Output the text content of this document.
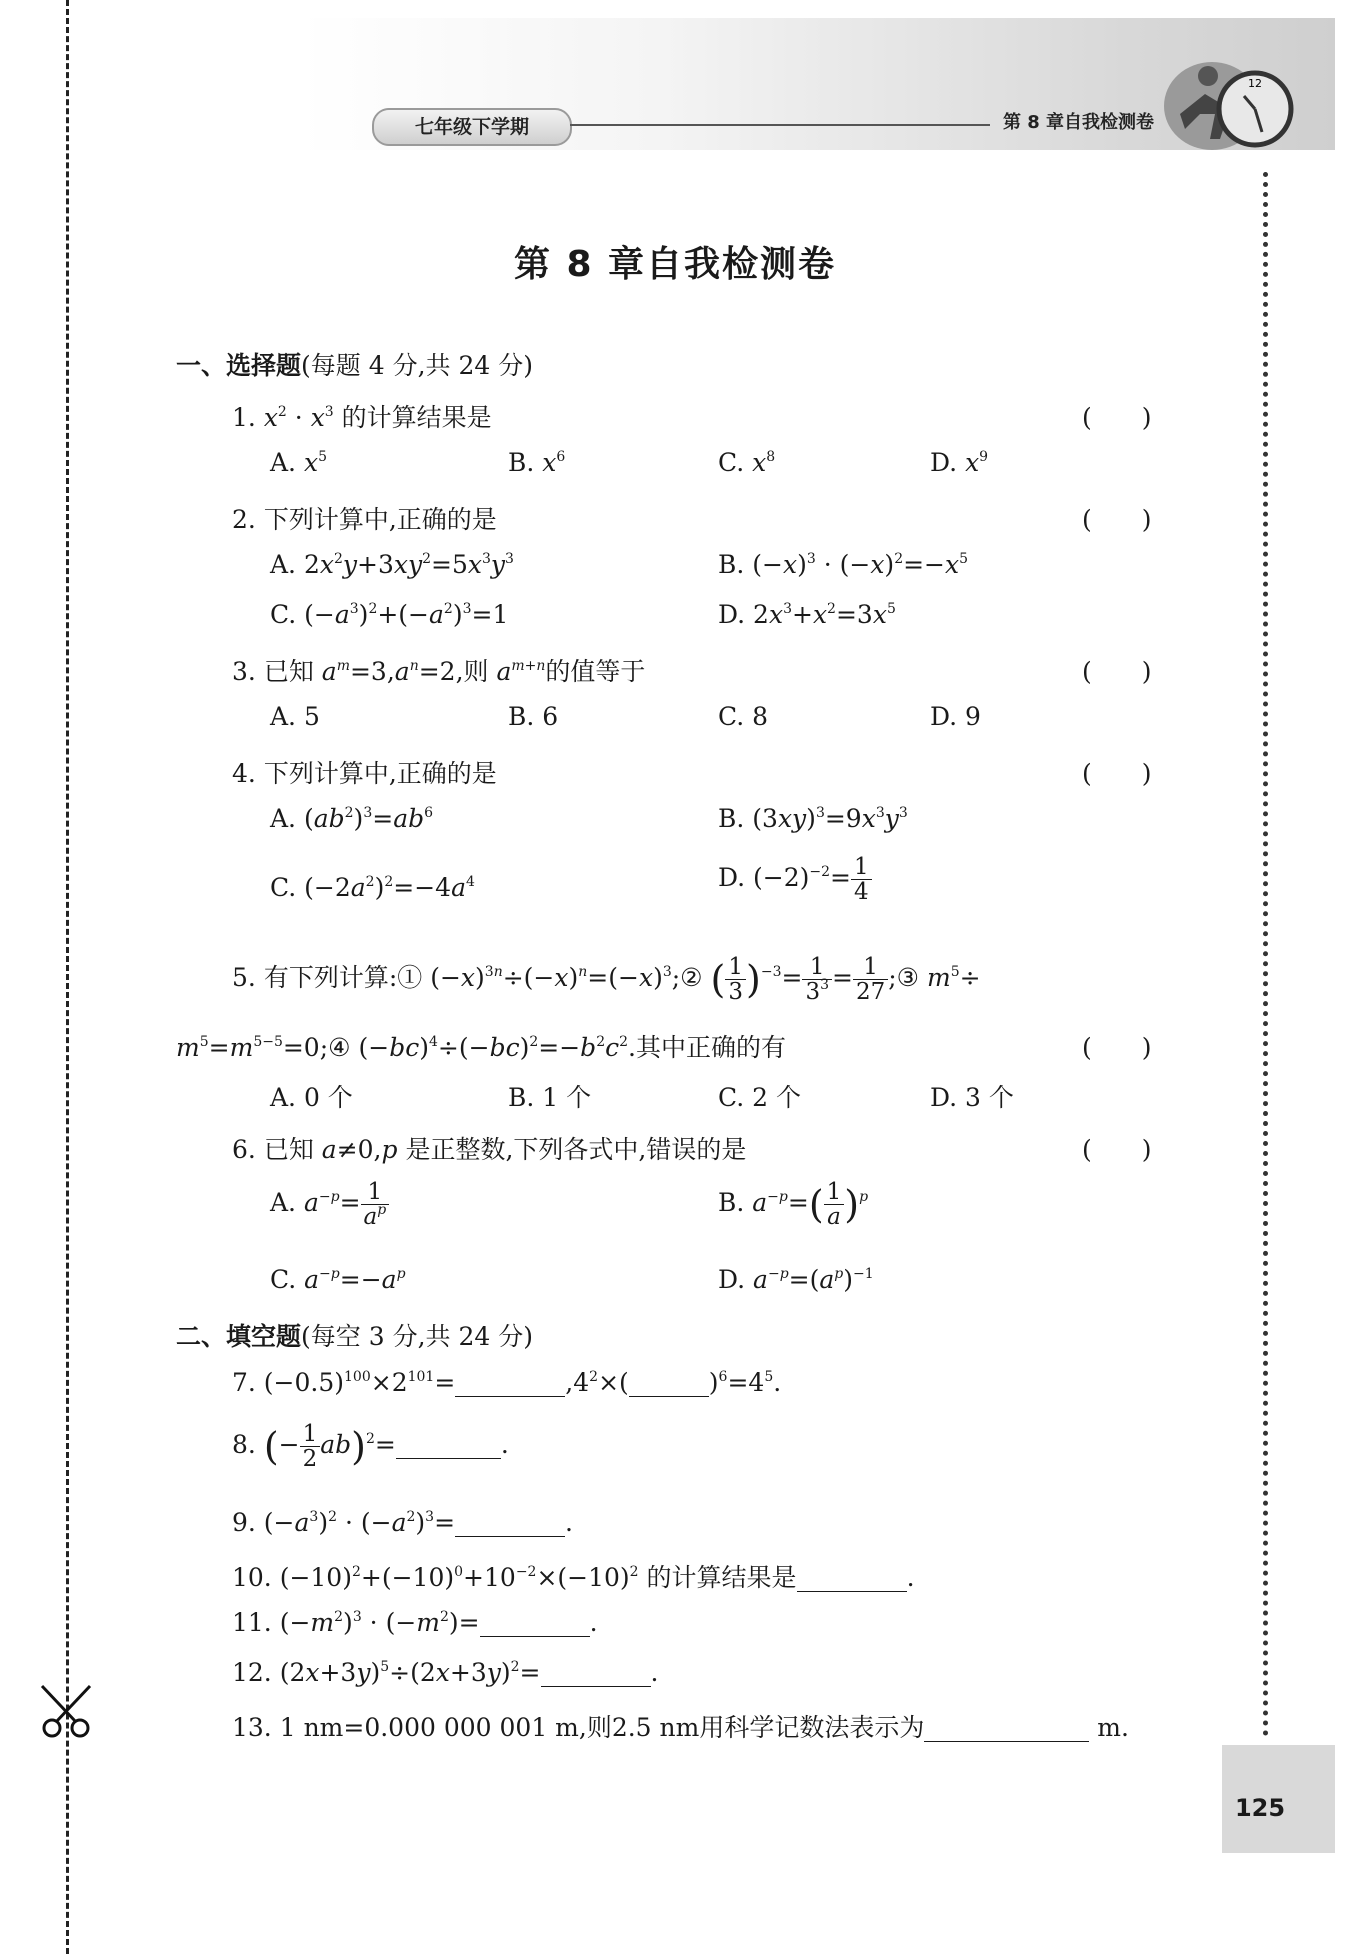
七年级下学期	第 8 章自我检测卷
12
125
第 8 章自我检测卷
一、选择题(每题 4 分,共 24 分)
1. $x^2 \cdot x^3$ 的计算结果是	(　　)
A. $x^5$	B. $x^6$	C. $x^8$	D. $x^9$
2. 下列计算中,正确的是	(　　)
A. $2x^2y+3xy^2=5x^3y^3$	B. $(-x)^3 \cdot (-x)^2=-x^5$
C. $(-a^3)^2+(-a^2)^3=1$	D. $2x^3+x^2=3x^5$
3. 已知 $a^m=3,a^n=2$,则 $a^{m+n}$的值等于	(　　)
A. 5	B. 6	C. 8	D. 9
4. 下列计算中,正确的是	(　　)
A. $(ab^2)^3=ab^6$	B. $(3xy)^3=9x^3y^3$
C. $(-2a^2)^2=-4a^4$	D. $(-2)^{-2}= \frac{1}{4}$
5. 有下列计算:① $(-x)^{3n}\div(-x)^n=(-x)^3;②$ ( $\frac{1}{3} )^{-3}= \frac{1}{3^3} = \frac{1}{27}$ ;③ $m^5\div$
$m^5=m^{5-5}=0;④$ $(-bc)^4\div(-bc)^2=-b^2c^2$.其中正确的有	(　　)
A. 0 个	B. 1 个	C. 2 个	D. 3 个
6. 已知 a≠0,p 是正整数,下列各式中,错误的是	(　　)
A. $a^{-p}= \frac{1}{a^p}$	B. $a^{-p}=( \frac{1}{a} )^p$
C. $a^{-p}=-a^p$	D. $a^{-p}=(a^p)^{-1}$
二、填空题(每空 3 分,共 24 分)
7. $(-0.5)^{100}\times 2^{101}=$	$,4^2\times$(	)$^6=4^5$.
8. (− $\frac{1}{2} ab)^2=$	.
9. $(-a^3)^2 \cdot (-a^2)^3=$	.
10. $(-10)^2+(-10)^0+10^{-2}\times(-10)^2$ 的计算结果是	.
11. $(-m^2)^3 \cdot (-m^2)=$	.
12. $(2x+3y)^5\div(2x+3y)^2=$	.
13. 1 nm=0.000 000 001 m,则2.5 nm用科学记数法表示为	m.
